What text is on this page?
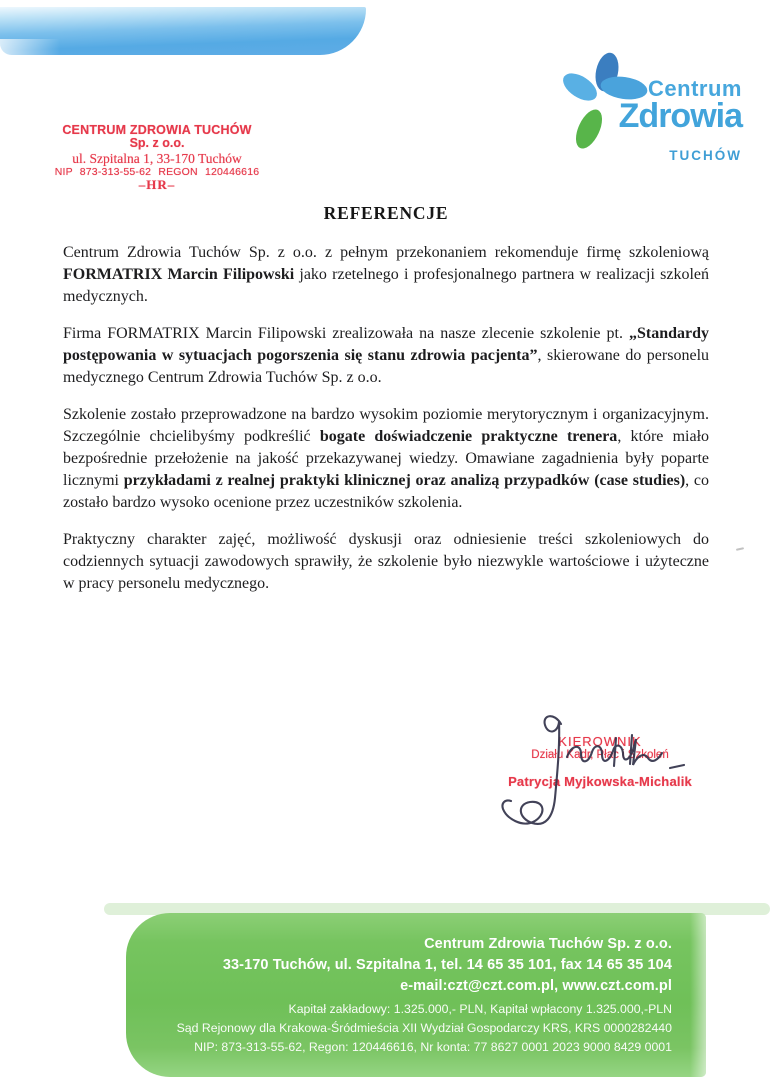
CENTRUM ZDROWIA TUCHÓW
Sp. z o.o.
ul. Szpitalna 1, 33-170 Tuchów
NIP 873-313-55-62 REGON 120446616
–HR–
Centrum
Zdrowia
TUCHÓW
REFERENCJE

Centrum Zdrowia Tuchów Sp. z o.o. z pełnym przekonaniem rekomenduje firmę szkoleniową FORMATRIX Marcin Filipowski jako rzetelnego i profesjonalnego partnera w realizacji szkoleń medycznych.

Firma FORMATRIX Marcin Filipowski zrealizowała na nasze zlecenie szkolenie pt. „Standardy postępowania w sytuacjach pogorszenia się stanu zdrowia pacjenta”, skierowane do personelu medycznego Centrum Zdrowia Tuchów Sp. z o.o.

Szkolenie zostało przeprowadzone na bardzo wysokim poziomie merytorycznym i organizacyjnym. Szczególnie chcielibyśmy podkreślić bogate doświadczenie praktyczne trenera, które miało bezpośrednie przełożenie na jakość przekazywanej wiedzy. Omawiane zagadnienia były poparte licznymi przykładami z realnej praktyki klinicznej oraz analizą przypadków (case studies), co zostało bardzo wysoko ocenione przez uczestników szkolenia.

Praktyczny charakter zajęć, możliwość dyskusji oraz odniesienie treści szkoleniowych do codziennych sytuacji zawodowych sprawiły, że szkolenie było niezwykle wartościowe i użyteczne w pracy personelu medycznego.

KIEROWNIK
Działu Kadr, Płac i Szkoleń
Patrycja Myjkowska-Michalik
Centrum Zdrowia Tuchów Sp. z o.o.
33-170 Tuchów, ul. Szpitalna 1, tel. 14 65 35 101, fax 14 65 35 104
e-mail:czt@czt.com.pl, www.czt.com.pl
Kapitał zakładowy: 1.325.000,- PLN, Kapitał wpłacony 1.325.000,-PLN
Sąd Rejonowy dla Krakowa-Śródmieścia XII Wydział Gospodarczy KRS, KRS 0000282440
NIP: 873-313-55-62, Regon: 120446616, Nr konta: 77 8627 0001 2023 9000 8429 0001
